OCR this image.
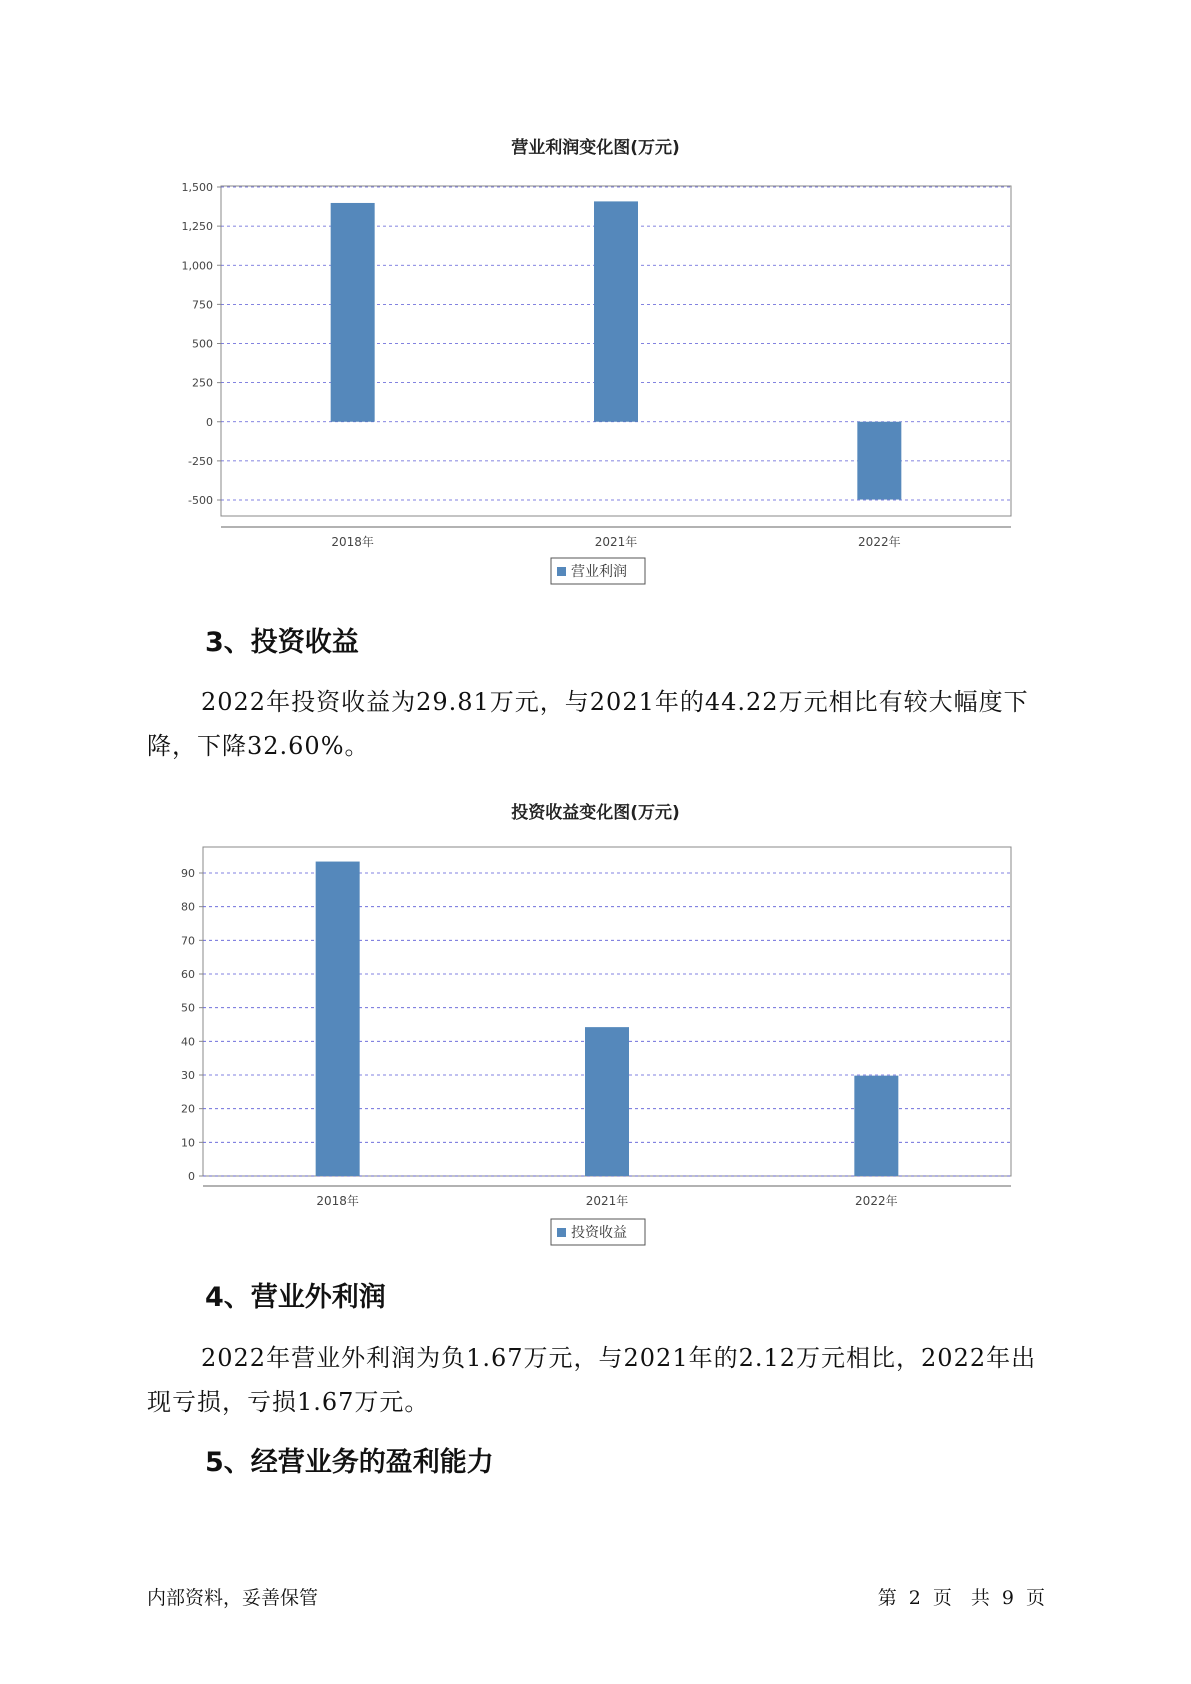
营业利润变化图(万元)
1,500
1,250
1,000
750
500
250
0
-250
-500
2018年	2021年	2022年
营业利润
3、投资收益

2022年投资收益为29.81万元，与2021年的44.22万元相比有较大幅度下降，下降32.60%。

投资收益变化图(万元)
90
80
70
60
50
40
30
20
10
0
2018年	2021年	2022年
投资收益
4、营业外利润

2022年营业外利润为负1.67万元，与2021年的2.12万元相比，2022年出现亏损，亏损1.67万元。

5、经营业务的盈利能力
内部资料，妥善保管	第 2 页　共 9 页
